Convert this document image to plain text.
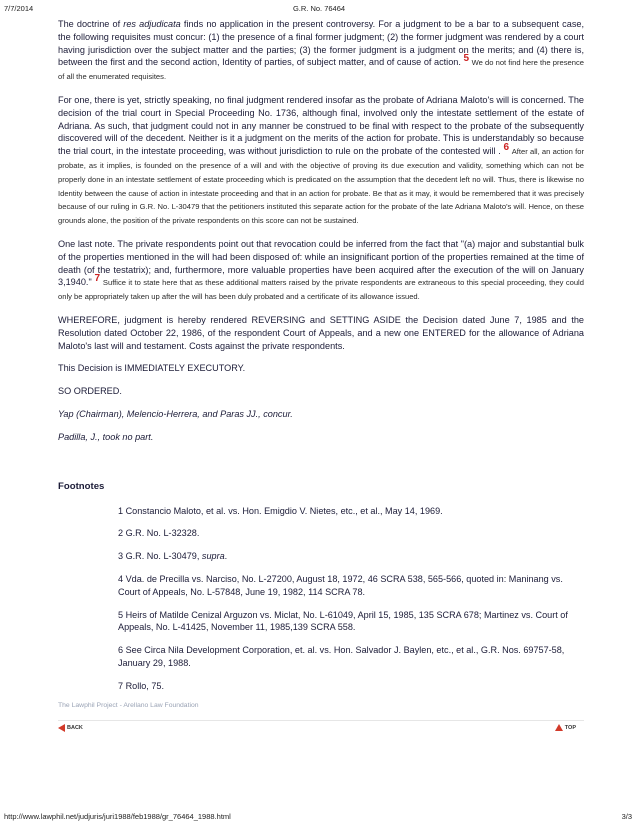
7/7/2014	G.R. No. 76464

The doctrine of res adjudicata finds no application in the present controversy. For a judgment to be a bar to a subsequent case, the following requisites must concur: (1) the presence of a final former judgment; (2) the former judgment was rendered by a court having jurisdiction over the subject matter and the parties; (3) the former judgment is a judgment on the merits; and (4) there is, between the first and the second action, Identity of parties, of subject matter, and of cause of action. 5 We do not find here the presence of all the enumerated requisites.

For one, there is yet, strictly speaking, no final judgment rendered insofar as the probate of Adriana Maloto's will is concerned. The decision of the trial court in Special Proceeding No. 1736, although final, involved only the intestate settlement of the estate of Adriana. As such, that judgment could not in any manner be construed to be final with respect to the probate of the subsequently discovered will of the decedent. Neither is it a judgment on the merits of the action for probate. This is understandably so because the trial court, in the intestate proceeding, was without jurisdiction to rule on the probate of the contested will . 6 After all, an action for probate, as it implies, is founded on the presence of a will and with the objective of proving its due execution and validity, something which can not be properly done in an intestate settlement of estate proceeding which is predicated on the assumption that the decedent left no will. Thus, there is likewise no Identity between the cause of action in intestate proceeding and that in an action for probate. Be that as it may, it would be remembered that it was precisely because of our ruling in G.R. No. L-30479 that the petitioners instituted this separate action for the probate of the late Adriana Maloto's will. Hence, on these grounds alone, the position of the private respondents on this score can not be sustained.

One last note. The private respondents point out that revocation could be inferred from the fact that "(a) major and substantial bulk of the properties mentioned in the will had been disposed of: while an insignificant portion of the properties remained at the time of death (of the testatrix); and, furthermore, more valuable properties have been acquired after the execution of the will on January 3,1940." 7 Suffice it to state here that as these additional matters raised by the private respondents are extraneous to this special proceeding, they could only be appropriately taken up after the will has been duly probated and a certificate of its allowance issued.

WHEREFORE, judgment is hereby rendered REVERSING and SETTING ASIDE the Decision dated June 7, 1985 and the Resolution dated October 22, 1986, of the respondent Court of Appeals, and a new one ENTERED for the allowance of Adriana Maloto's last will and testament. Costs against the private respondents.

This Decision is IMMEDIATELY EXECUTORY.

SO ORDERED.

Yap (Chairman), Melencio-Herrera, and Paras JJ., concur.

Padilla, J., took no part.

Footnotes

1 Constancio Maloto, et al. vs. Hon. Emigdio V. Nietes, etc., et al., May 14, 1969.

2 G.R. No. L-32328.

3 G.R. No. L-30479, supra.

4 Vda. de Precilla vs. Narciso, No. L-27200, August 18, 1972, 46 SCRA 538, 565-566, quoted in: Maninang vs. Court of Appeals, No. L-57848, June 19, 1982, 114 SCRA 78.

5 Heirs of Matilde Cenizal Arguzon vs. Miclat, No. L-61049, April 15, 1985, 135 SCRA 678; Martinez vs. Court of Appeals, No. L-41425, November 11, 1985,139 SCRA 558.

6 See Circa Nila Development Corporation, et. al. vs. Hon. Salvador J. Baylen, etc., et al., G.R. Nos. 69757-58, January 29, 1988.

7 Rollo, 75.

The Lawphil Project - Arellano Law Foundation
BACK	TOP
http://www.lawphil.net/judjuris/juri1988/feb1988/gr_76464_1988.html	3/3
